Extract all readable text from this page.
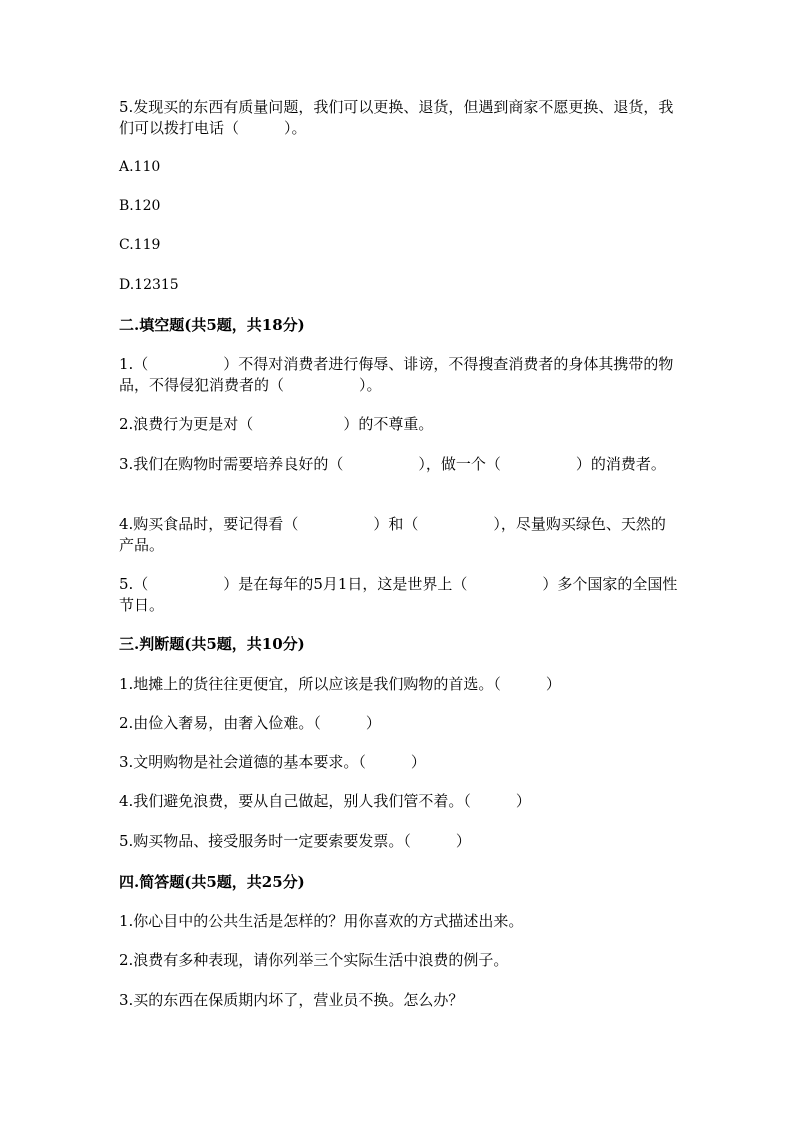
5.发现买的东西有质量问题，我们可以更换、退货，但遇到商家不愿更换、退货，我们可以拨打电话（　　　）。
A.110
B.120
C.119
D.12315
二.填空题(共5题，共18分)
1.（　　　　　）不得对消费者进行侮辱、诽谤，不得搜查消费者的身体其携带的物品，不得侵犯消费者的（　　　　　）。
2.浪费行为更是对（　　　　　　）的不尊重。
3.我们在购物时需要培养良好的（　　　　　），做一个（　　　　　）的消费者。
4.购买食品时，要记得看（　　　　　）和（　　　　　），尽量购买绿色、天然的产品。
5.（　　　　　）是在每年的5月1日，这是世界上（　　　　　）多个国家的全国性节日。
三.判断题(共5题，共10分)
1.地摊上的货往往更便宜，所以应该是我们购物的首选。（　　　）
2.由俭入奢易，由奢入俭难。（　　　）
3.文明购物是社会道德的基本要求。（　　　）
4.我们避免浪费，要从自己做起，别人我们管不着。（　　　）
5.购买物品、接受服务时一定要索要发票。（　　　）
四.简答题(共5题，共25分)
1.你心目中的公共生活是怎样的？用你喜欢的方式描述出来。
2.浪费有多种表现，请你列举三个实际生活中浪费的例子。
3.买的东西在保质期内坏了，营业员不换。怎么办？
